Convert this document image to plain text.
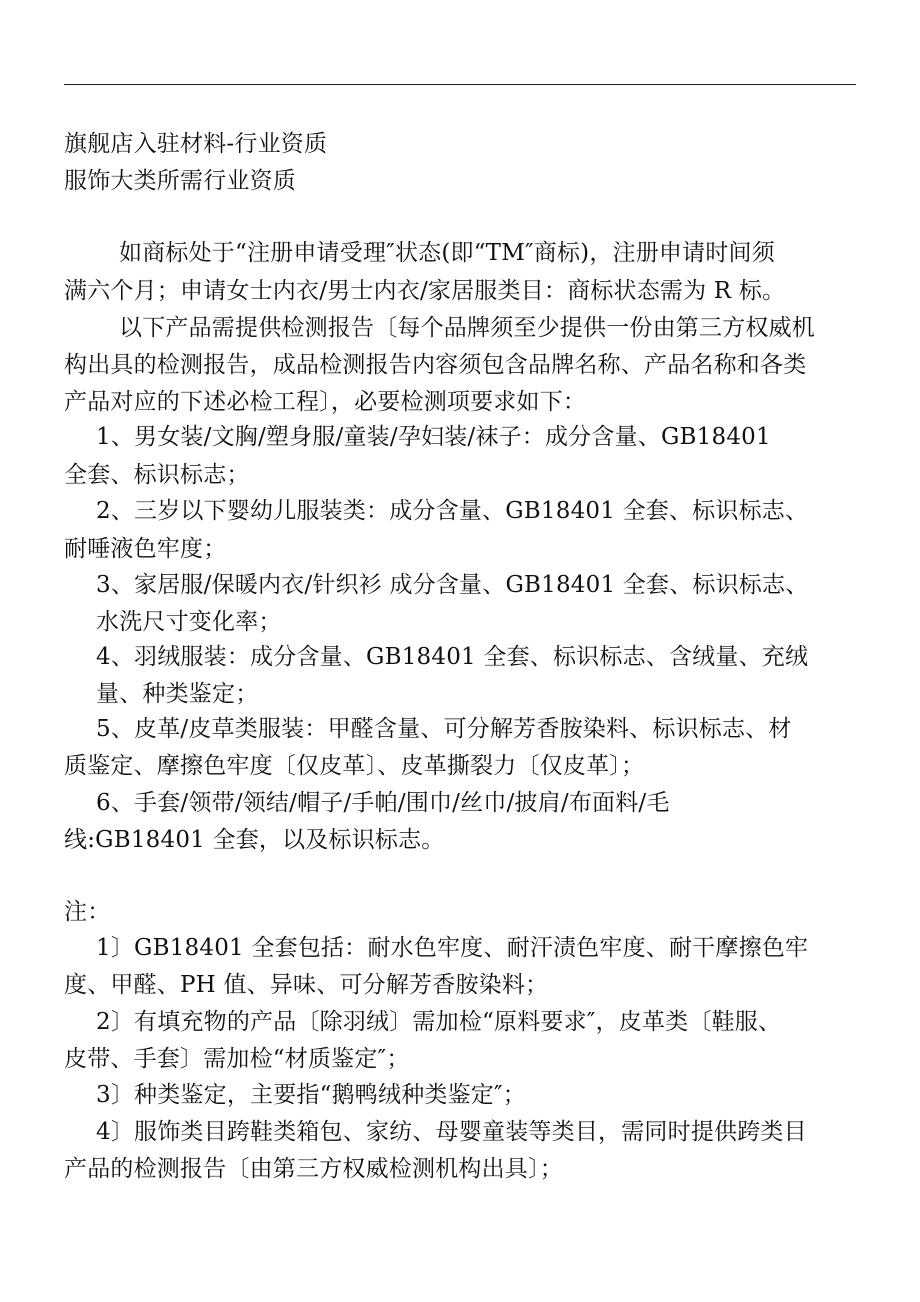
旗舰店入驻材料-行业资质
服饰大类所需行业资质
如商标处于“注册申请受理″状态(即“TM″商标)，注册申请时间须
满六个月；申请女士内衣/男士内衣/家居服类目：商标状态需为 R 标。
以下产品需提供检测报告〔每个品牌须至少提供一份由第三方权威机
构出具的检测报告，成品检测报告内容须包含品牌名称、产品名称和各类
产品对应的下述必检工程〕，必要检测项要求如下：
1、男女装/文胸/塑身服/童装/孕妇装/袜子：成分含量、GB18401
全套、标识标志；
2、三岁以下婴幼儿服装类：成分含量、GB18401 全套、标识标志、
耐唾液色牢度；
3、家居服/保暖内衣/针织衫 成分含量、GB18401 全套、标识标志、
水洗尺寸变化率；
4、羽绒服装：成分含量、GB18401 全套、标识标志、含绒量、充绒
量、种类鉴定；
5、皮革/皮草类服装：甲醛含量、可分解芳香胺染料、标识标志、材
质鉴定、摩擦色牢度〔仅皮革〕、皮革撕裂力〔仅皮革〕；
6、手套/领带/领结/帽子/手帕/围巾/丝巾/披肩/布面料/毛
线:GB18401 全套，以及标识标志。
注：
1〕GB18401 全套包括：耐水色牢度、耐汗渍色牢度、耐干摩擦色牢
度、甲醛、PH 值、异味、可分解芳香胺染料；
2〕有填充物的产品〔除羽绒〕需加检“原料要求″，皮革类〔鞋服、
皮带、手套〕需加检“材质鉴定″；
3〕种类鉴定，主要指“鹅鸭绒种类鉴定″；
4〕服饰类目跨鞋类箱包、家纺、母婴童装等类目，需同时提供跨类目
产品的检测报告〔由第三方权威检测机构出具〕；
